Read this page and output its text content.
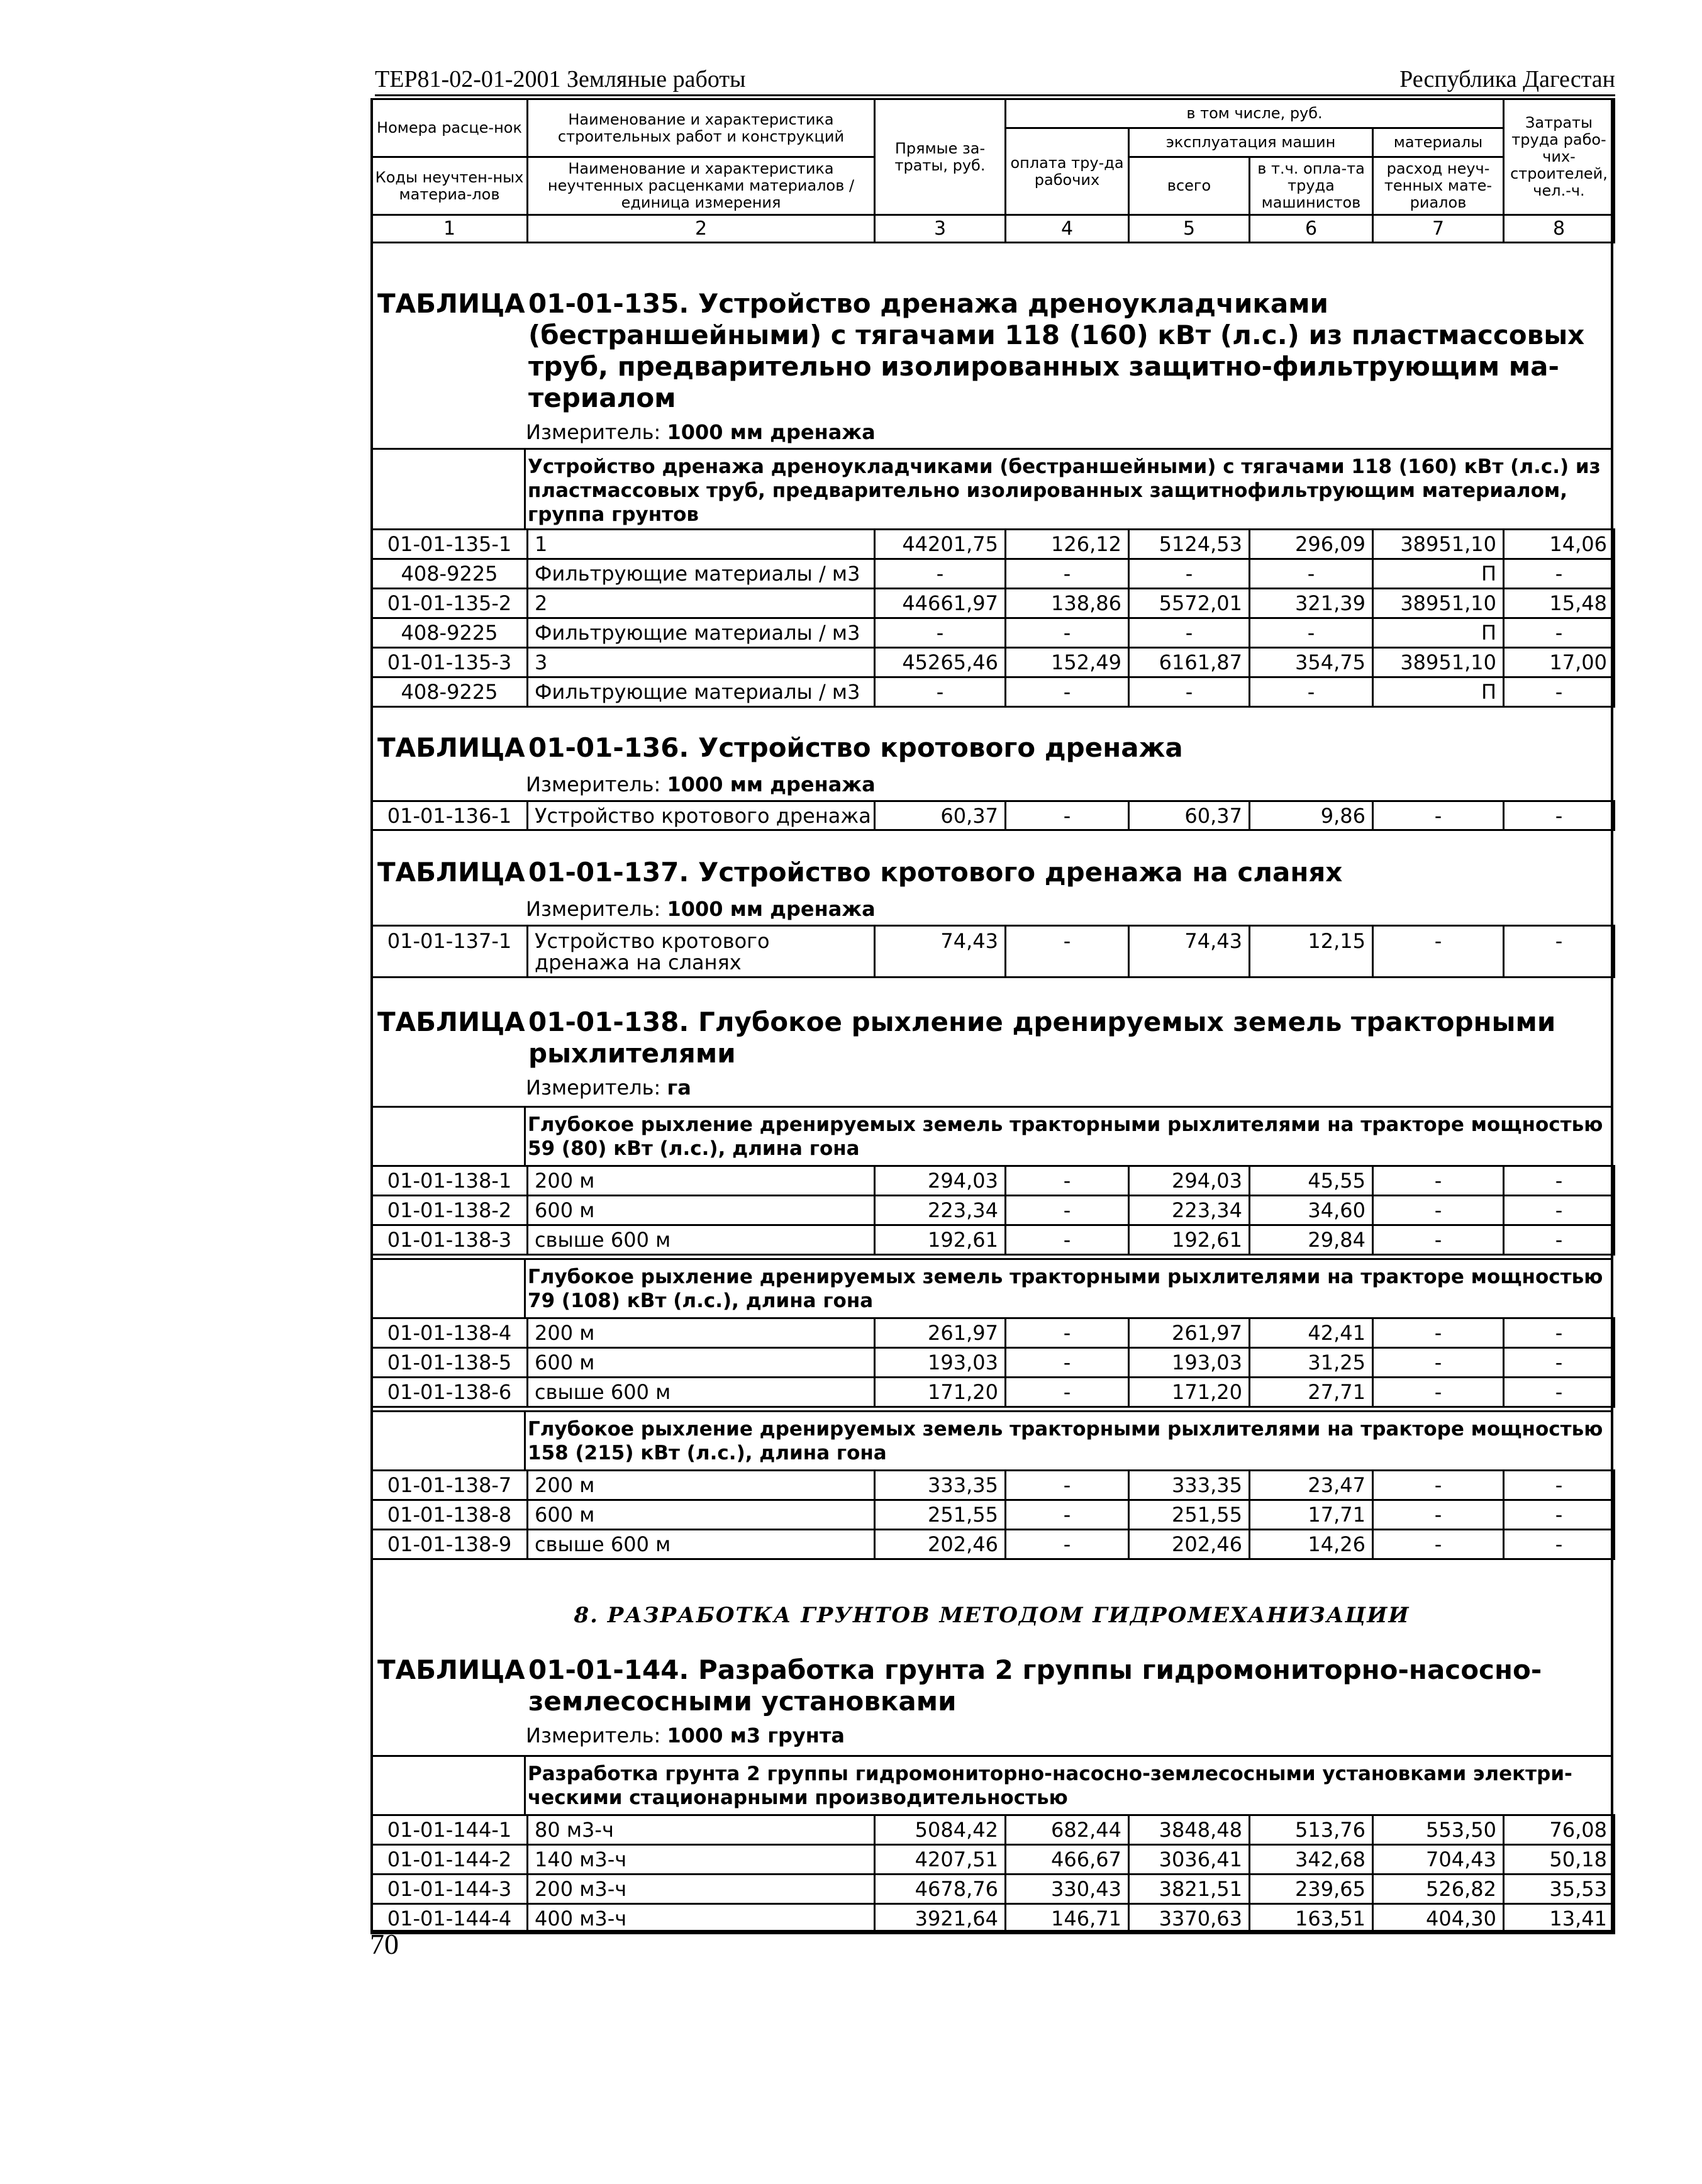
ТЕР81-02-01-2001 Земляные работы	Республика Дагестан
Номера расце-нок	Наименование и характеристика строительных работ и конструкций	Прямые за-траты, руб.	в том числе, руб.				Затраты труда рабо-чих-строителей, чел.-ч.
			оплата тру-да рабочих	эксплуатация машин		материалы	
Коды неучтен-ных материа-лов	Наименование и характеристика неучтенных расценками материалов / единица измерения			всего	в т.ч. опла-та труда машинистов	расход неуч-тенных мате-риалов	

1	2	3	4	5	6	7	8
ТАБЛИЦА 01-01-135. Устройство дренажа дреноукладчиками (бестраншейными) с тягачами 118 (160) кВт (л.с.) из пластмассовых труб, предварительно изолированных защитно-фильтрующим ма-териалом
Измеритель: 1000 мм дренажа
Устройство дренажа дреноукладчиками (бестраншейными) с тягачами 118 (160) кВт (л.с.) из пластмассовых труб, предварительно изолированных защитнофильтрующим материалом, группа грунтов
01-01-135-1	1	44201,75	126,12	5124,53	296,09	38951,10	14,06
408-9225	Фильтрующие материалы / м3	-	-	-	-	П	-
01-01-135-2	2	44661,97	138,86	5572,01	321,39	38951,10	15,48
408-9225	Фильтрующие материалы / м3	-	-	-	-	П	-
01-01-135-3	3	45265,46	152,49	6161,87	354,75	38951,10	17,00
408-9225	Фильтрующие материалы / м3	-	-	-	-	П	-
ТАБЛИЦА 01-01-136. Устройство кротового дренажа
Измеритель: 1000 мм дренажа
01-01-136-1	Устройство кротового дренажа	60,37	-	60,37	9,86	-	-
ТАБЛИЦА 01-01-137. Устройство кротового дренажа на сланях
Измеритель: 1000 мм дренажа
01-01-137-1	Устройство кротового дренажа на сланях	74,43	-	74,43	12,15	-	-
ТАБЛИЦА 01-01-138. Глубокое рыхление дренируемых земель тракторными рыхлителями
Измеритель: га
Глубокое рыхление дренируемых земель тракторными рыхлителями на тракторе мощностью 59 (80) кВт (л.с.), длина гона
01-01-138-1	200 м	294,03	-	294,03	45,55	-	-
01-01-138-2	600 м	223,34	-	223,34	34,60	-	-
01-01-138-3	свыше 600 м	192,61	-	192,61	29,84	-	-
Глубокое рыхление дренируемых земель тракторными рыхлителями на тракторе мощностью 79 (108) кВт (л.с.), длина гона
01-01-138-4	200 м	261,97	-	261,97	42,41	-	-
01-01-138-5	600 м	193,03	-	193,03	31,25	-	-
01-01-138-6	свыше 600 м	171,20	-	171,20	27,71	-	-
Глубокое рыхление дренируемых земель тракторными рыхлителями на тракторе мощностью 158 (215) кВт (л.с.), длина гона
01-01-138-7	200 м	333,35	-	333,35	23,47	-	-
01-01-138-8	600 м	251,55	-	251,55	17,71	-	-
01-01-138-9	свыше 600 м	202,46	-	202,46	14,26	-	-
8. РАЗРАБОТКА ГРУНТОВ МЕТОДОМ ГИДРОМЕХАНИЗАЦИИ
ТАБЛИЦА 01-01-144. Разработка грунта 2 группы гидромониторно-насосно-землесосными установками
Измеритель: 1000 м3 грунта
Разработка грунта 2 группы гидромониторно-насосно-землесосными установками электри-ческими стационарными производительностью
01-01-144-1	80 м3-ч	5084,42	682,44	3848,48	513,76	553,50	76,08
01-01-144-2	140 м3-ч	4207,51	466,67	3036,41	342,68	704,43	50,18
01-01-144-3	200 м3-ч	4678,76	330,43	3821,51	239,65	526,82	35,53
01-01-144-4	400 м3-ч	3921,64	146,71	3370,63	163,51	404,30	13,41
70
